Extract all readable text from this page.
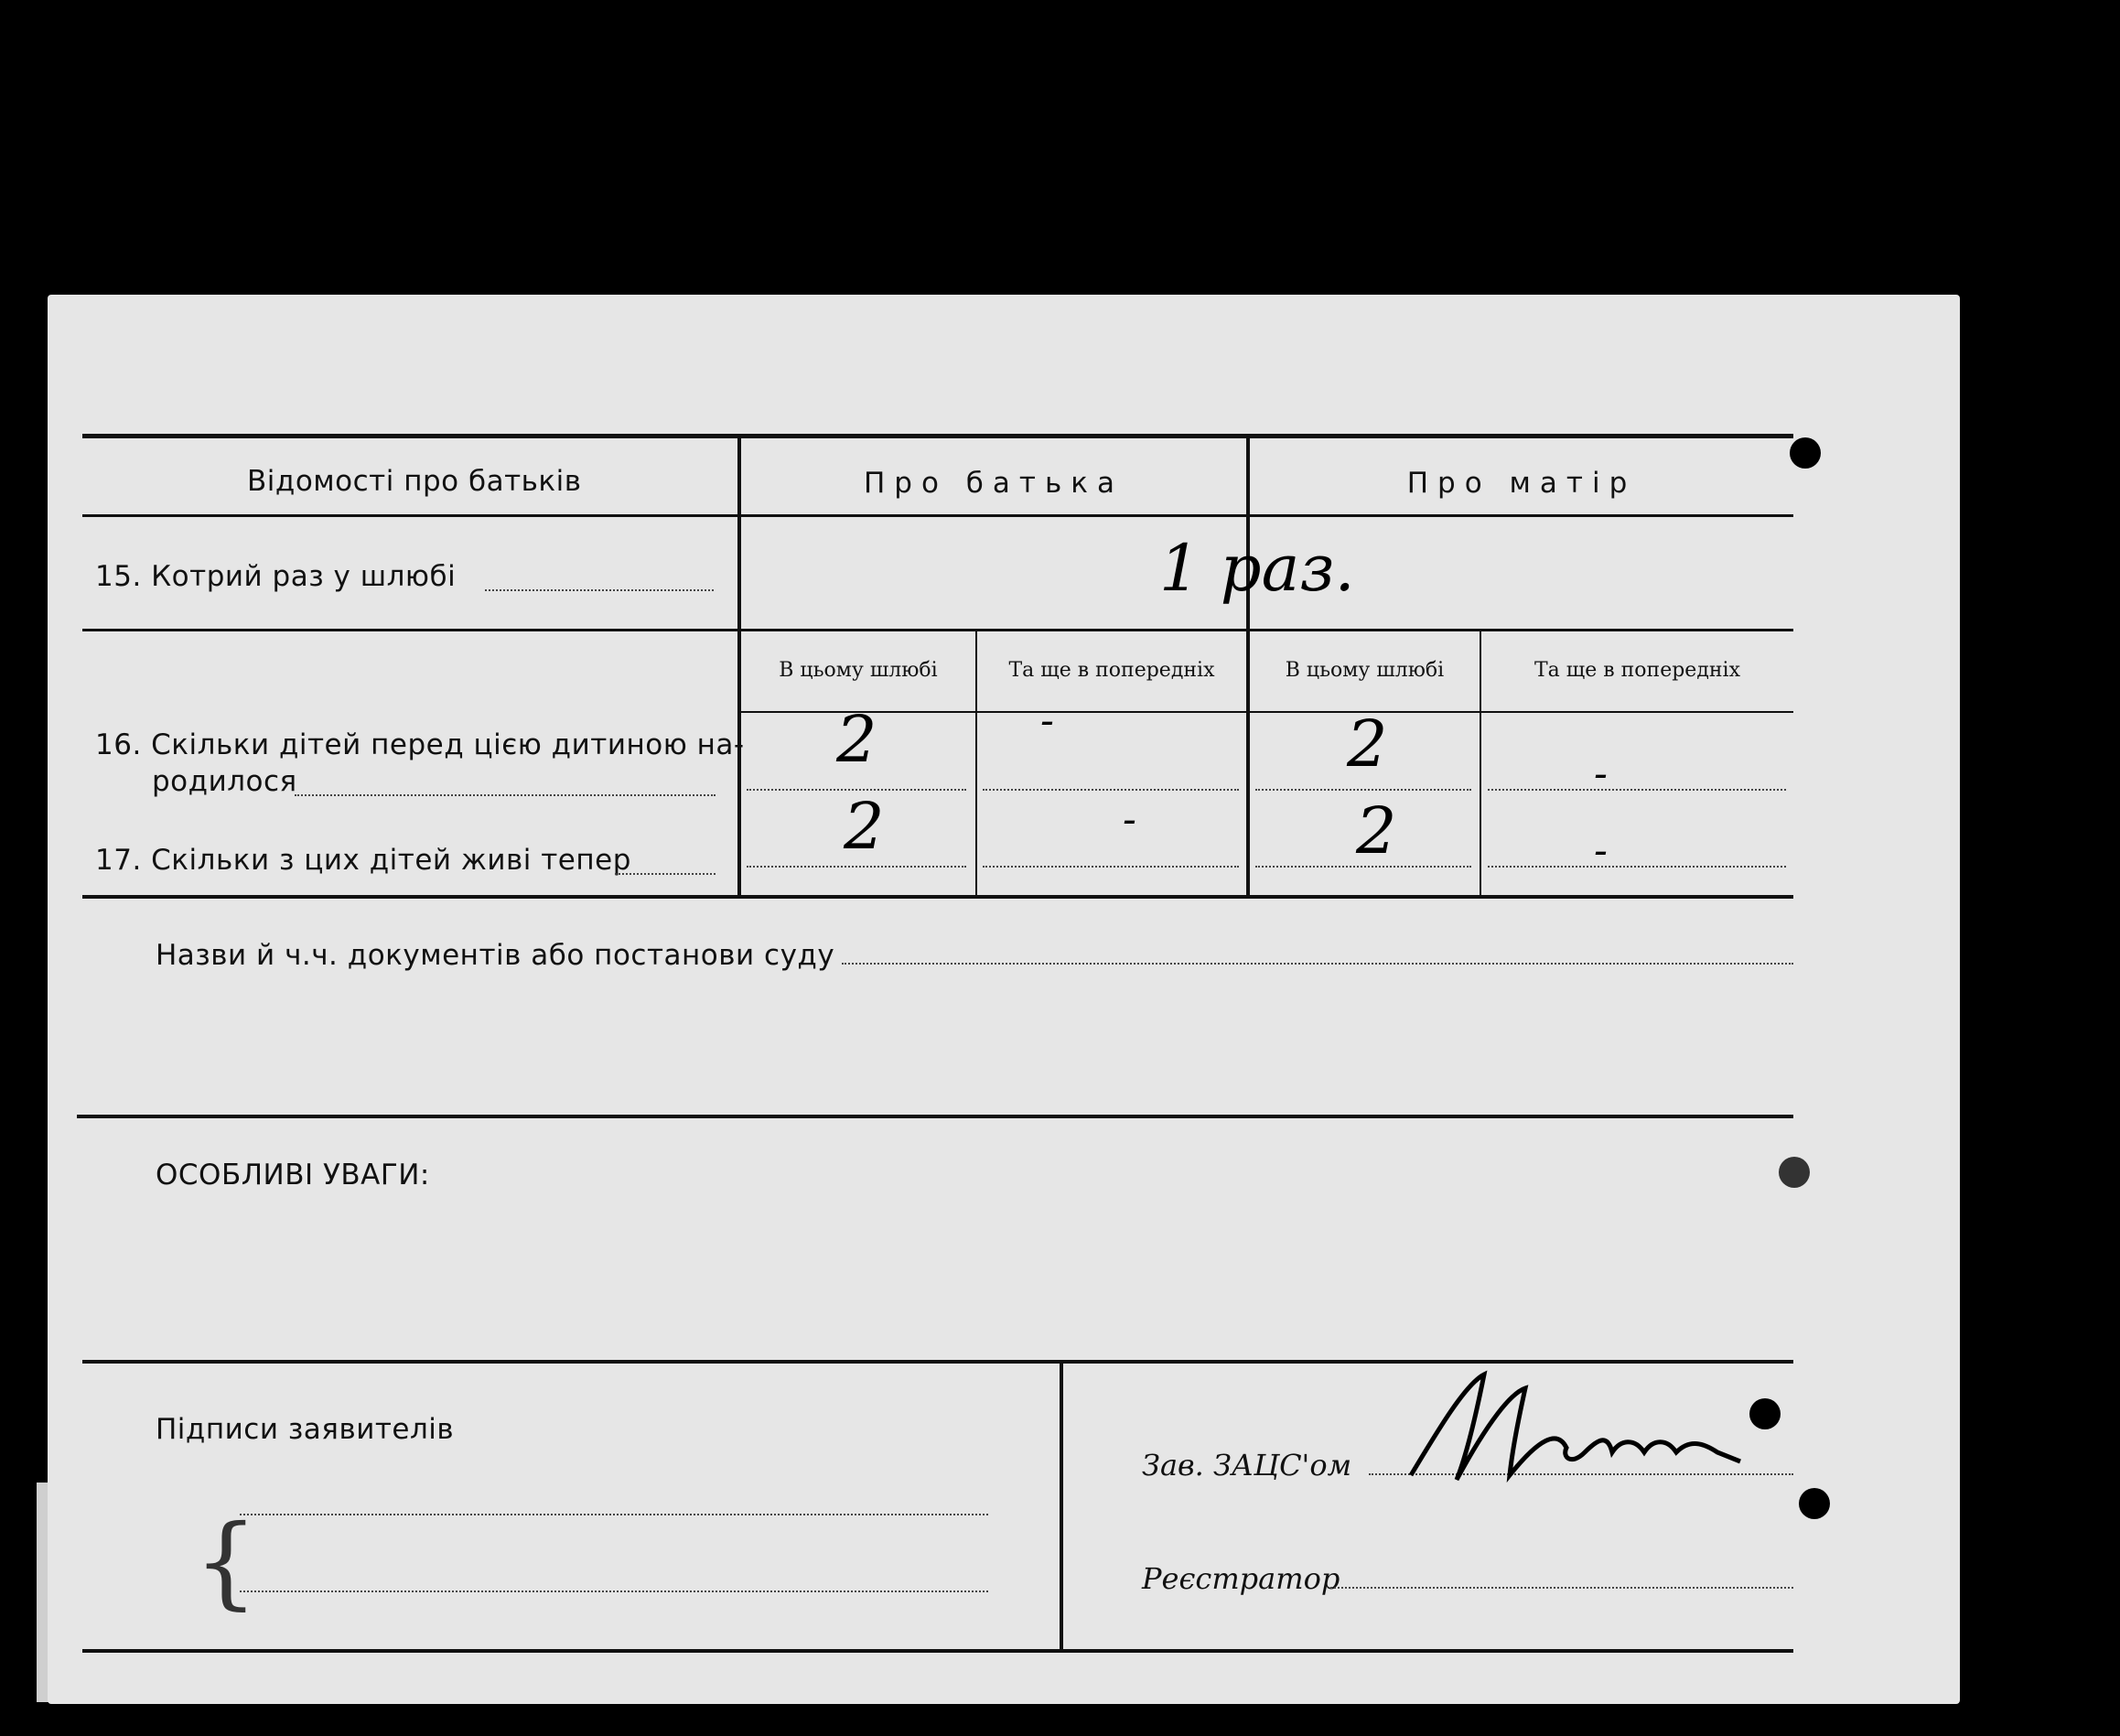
Відомості про батьків	Про батька	Про матір
15. Котрий раз у шлюбі	1 раз.
В цьому шлюбі	Та ще в попередніх	В цьому шлюбі	Та ще в попередніх
16. Скільки дітей перед цією дитиною на-
родилося
2	-	2	-
17. Скільки з цих дітей живі тепер	2	-	2	-
Назви й ч.ч. документів або постанови суду
ОСОБЛИВІ УВАГИ:
Підписи заявителів
{
Зав. ЗАЦС'ом
Реєстратор
